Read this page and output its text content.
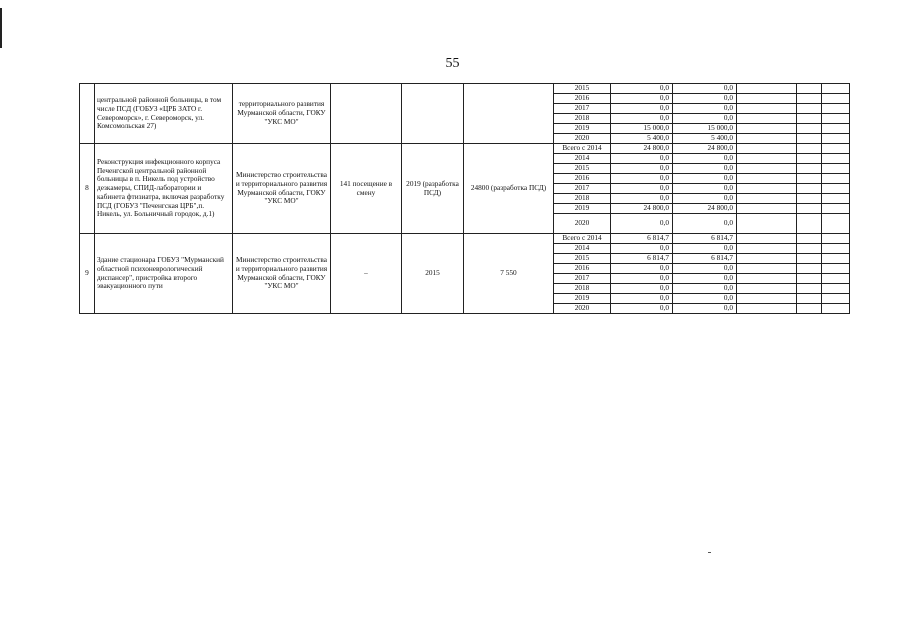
55
	центральной районной больницы, в том числе ПСД (ГОБУЗ «ЦРБ ЗАТО г. Североморск», г. Североморск, ул. Комсомольская 27)	территориального развития Мурманской области, ГОКУ "УКС МО"				2015	0,0	0,0			
						2016	0,0	0,0			
						2017	0,0	0,0			
						2018	0,0	0,0			
						2019	15 000,0	15 000,0			
						2020	5 400,0	5 400,0			
8	Реконструкция инфекционного корпуса Печенгской центральной районной больницы в п. Никель под устройство дезкамеры, СПИД-лаборатории и кабинета фтизиатра, включая разработку ПСД (ГОБУЗ "Печенгская ЦРБ",п. Никель, ул. Больничный городок, д.1)	Министерство строительства и территориального развития Мурманской области, ГОКУ "УКС МО"	141 посещение в смену	2019 (разработка ПСД)	24800 (разработка ПСД)	Всего с 2014	24 800,0	24 800,0			
						2014	0,0	0,0			
						2015	0,0	0,0			
						2016	0,0	0,0			
						2017	0,0	0,0			
						2018	0,0	0,0			
						2019	24 800,0	24 800,0			
						2020	0,0	0,0			
9	Здание стационара ГОБУЗ "Мурманский областной психоневрологический диспансер", пристройка второго эвакуационного пути	Министерство строительства и территориального развития Мурманской области, ГОКУ "УКС МО"	–	2015	7 550	Всего с 2014	6 814,7	6 814,7			
						2014	0,0	0,0			
						2015	6 814,7	6 814,7			
						2016	0,0	0,0			
						2017	0,0	0,0			
						2018	0,0	0,0			
						2019	0,0	0,0			
						2020	0,0	0,0			
